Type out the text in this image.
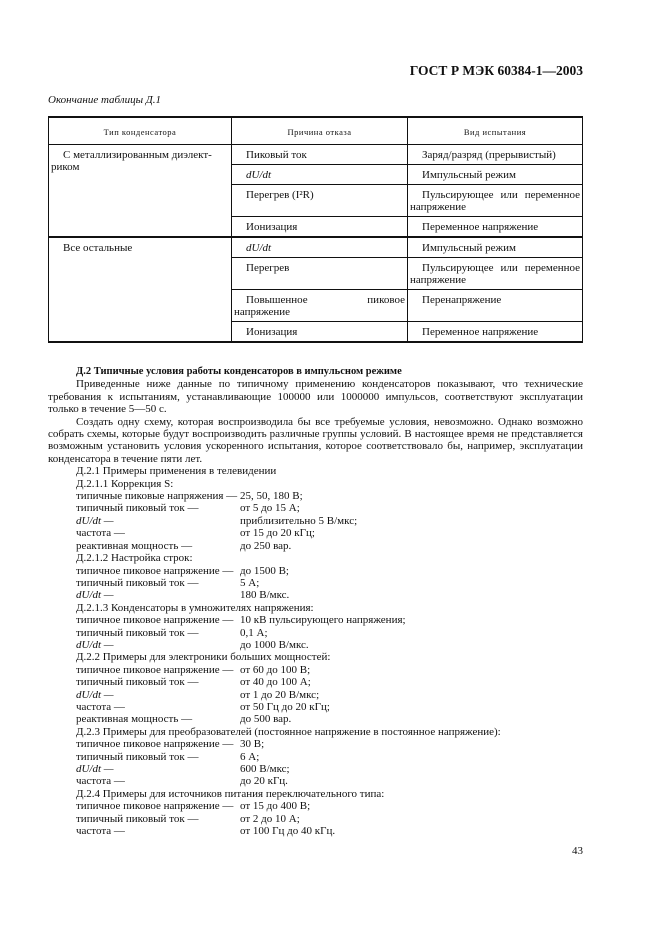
ГОСТ Р МЭК 60384-1—2003
Окончание таблицы Д.1
Тип конденсатора	Причина отказа	Вид испытания

С металлизированным диэлект-
риком	Пиковый ток	Заряд/разряд (прерывистый)

	dU/dt	Импульсный режим

	Перегрев (I²R)	Пульсирующее или переменное напряжение

	Ионизация	Переменное напряжение

Все остальные	dU/dt	Импульсный режим

	Перегрев	Пульсирующее или переменное напряжение

	Повышенное пиковое напряжение	Перенапряжение

	Ионизация	Переменное напряжение
Д.2 Типичные условия работы конденсаторов в импульсном режиме

Приведенные ниже данные по типичному применению конденсаторов показывают, что технические требования к испытаниям, устанавливающие 100000 или 1000000 импульсов, соответствуют эксплуатации только в течение 5—50 с.

Создать одну схему, которая воспроизводила бы все требуемые условия, невозможно. Однако возможно собрать схемы, которые будут воспроизводить различные группы условий. В настоящее время не представляется возможным установить условия ускоренного испытания, которое соответствовало бы, например, эксплуатации конденсатора в течение пяти лет.

Д.2.1 Примеры применения в телевидении
Д.2.1.1 Коррекция S:
типичные пиковые напряжения — 25, 50, 180 В;
типичный пиковый ток —	от 5 до 15 А;
dU/dt —	приблизительно 5 В/мкс;
частота —	от 15 до 20 кГц;
реактивная мощность —	до 250 вар.
Д.2.1.2 Настройка строк:
типичное пиковое напряжение — до 1500 В;
типичный пиковый ток —	5 А;
dU/dt —	180 В/мкс.
Д.2.1.3 Конденсаторы в умножителях напряжения:
типичное пиковое напряжение — 10 кВ пульсирующего напряжения;
типичный пиковый ток —	0,1 А;
dU/dt —	до 1000 В/мкс.
Д.2.2 Примеры для электроники больших мощностей:
типичное пиковое напряжение — от 60 до 100 В;
типичный пиковый ток —	от 40 до 100 А;
dU/dt —	от 1 до 20 В/мкс;
частота —	от 50 Гц до 20 кГц;
реактивная мощность —	до 500 вар.
Д.2.3 Примеры для преобразователей (постоянное напряжение в постоянное напряжение):
типичное пиковое напряжение — 30 В;
типичный пиковый ток —	6 А;
dU/dt —	600 В/мкс;
частота —	до 20 кГц.
Д.2.4 Примеры для источников питания переключательного типа:
типичное пиковое напряжение — от 15 до 400 В;
типичный пиковый ток —	от 2 до 10 А;
частота —	от 100 Гц до 40 кГц.
43
